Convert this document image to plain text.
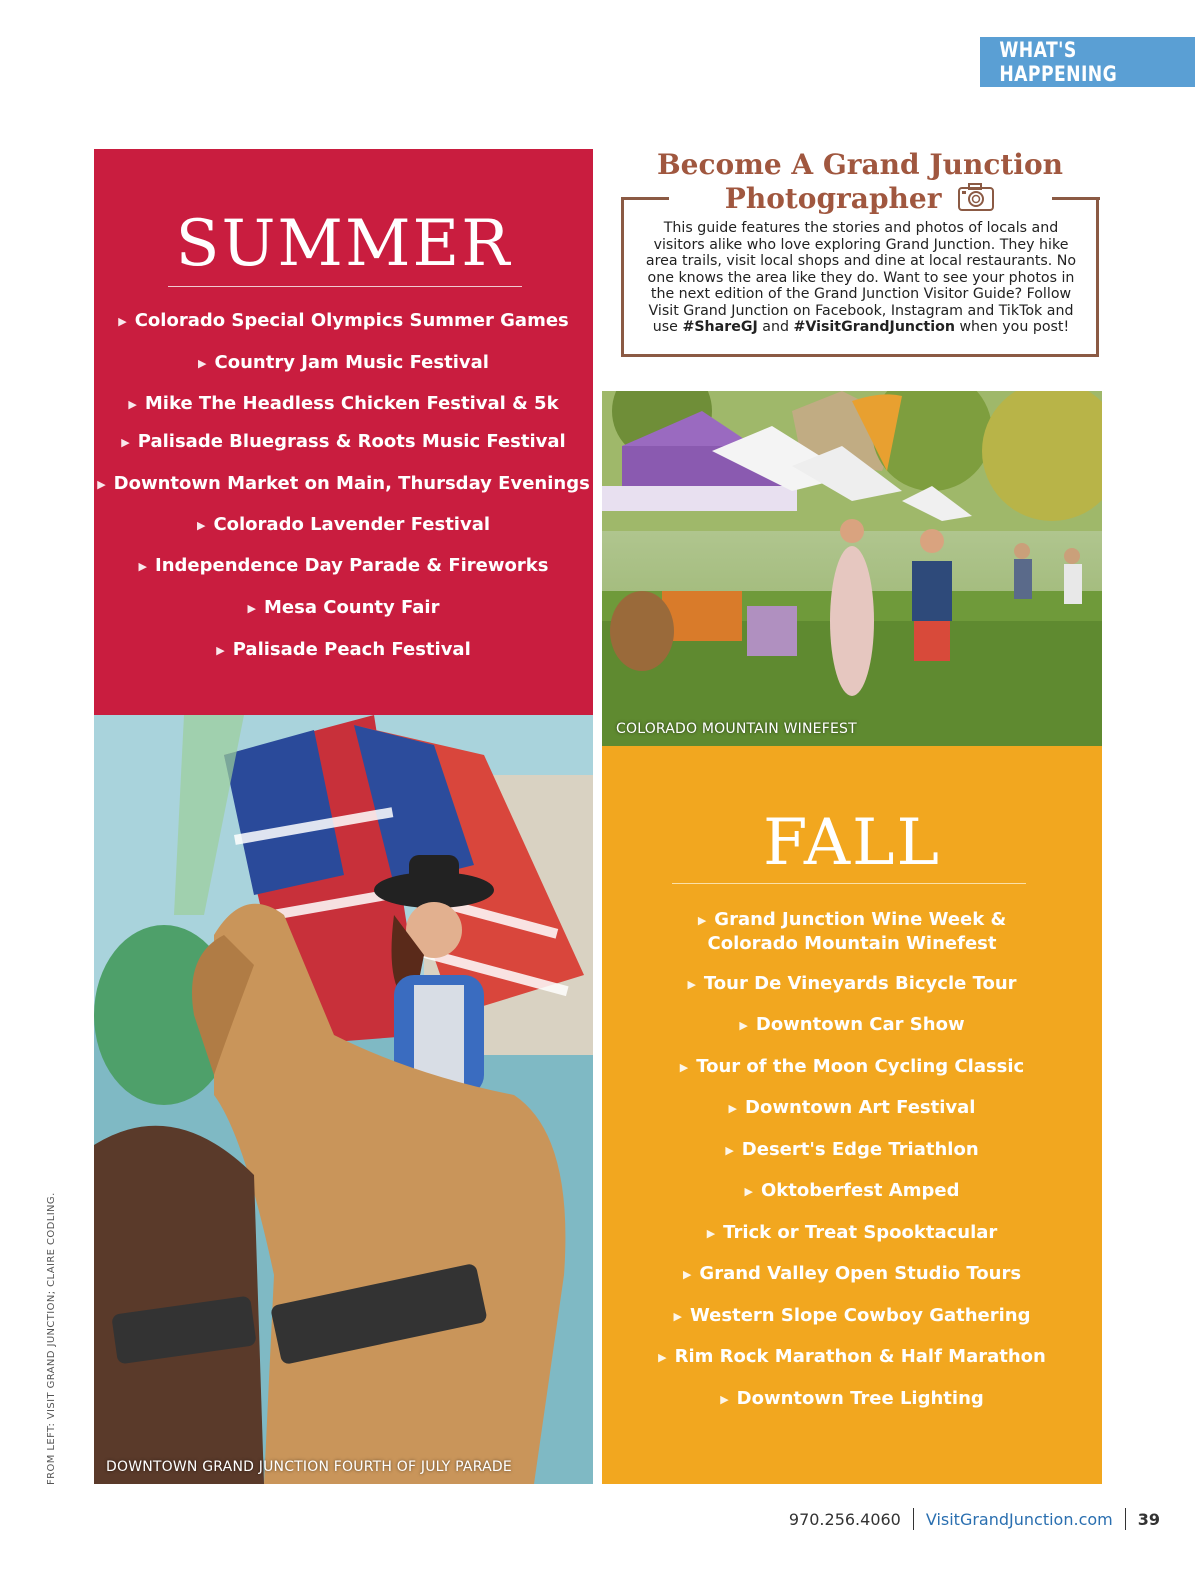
WHAT'S HAPPENING
SUMMER
▶ Colorado Special Olympics Summer Games
▶ Country Jam Music Festival
▶ Mike The Headless Chicken Festival & 5k
▶ Palisade Bluegrass & Roots Music Festival
▶ Downtown Market on Main, Thursday Evenings
▶ Colorado Lavender Festival
▶ Independence Day Parade & Fireworks
▶ Mesa County Fair
▶ Palisade Peach Festival
Become A Grand Junction
Photographer
This guide features the stories and photos of locals and visitors alike who love exploring Grand Junction. They hike area trails, visit local shops and dine at local restaurants. No one knows the area like they do. Want to see your photos in the next edition of the Grand Junction Visitor Guide? Follow Visit Grand Junction on Facebook, Instagram and TikTok and use #ShareGJ and #VisitGrandJunction when you post!
COLORADO MOUNTAIN WINEFEST
FALL
▶ Grand Junction Wine Week &
Colorado Mountain Winefest
▶ Tour De Vineyards Bicycle Tour
▶ Downtown Car Show
▶ Tour of the Moon Cycling Classic
▶ Downtown Art Festival
▶ Desert's Edge Triathlon
▶ Oktoberfest Amped
▶ Trick or Treat Spooktacular
▶ Grand Valley Open Studio Tours
▶ Western Slope Cowboy Gathering
▶ Rim Rock Marathon & Half Marathon
▶ Downtown Tree Lighting
DOWNTOWN GRAND JUNCTION FOURTH OF JULY PARADE
FROM LEFT: VISIT GRAND JUNCTION; CLAIRE CODLING.
970.256.4060 VisitGrandJunction.com 39
